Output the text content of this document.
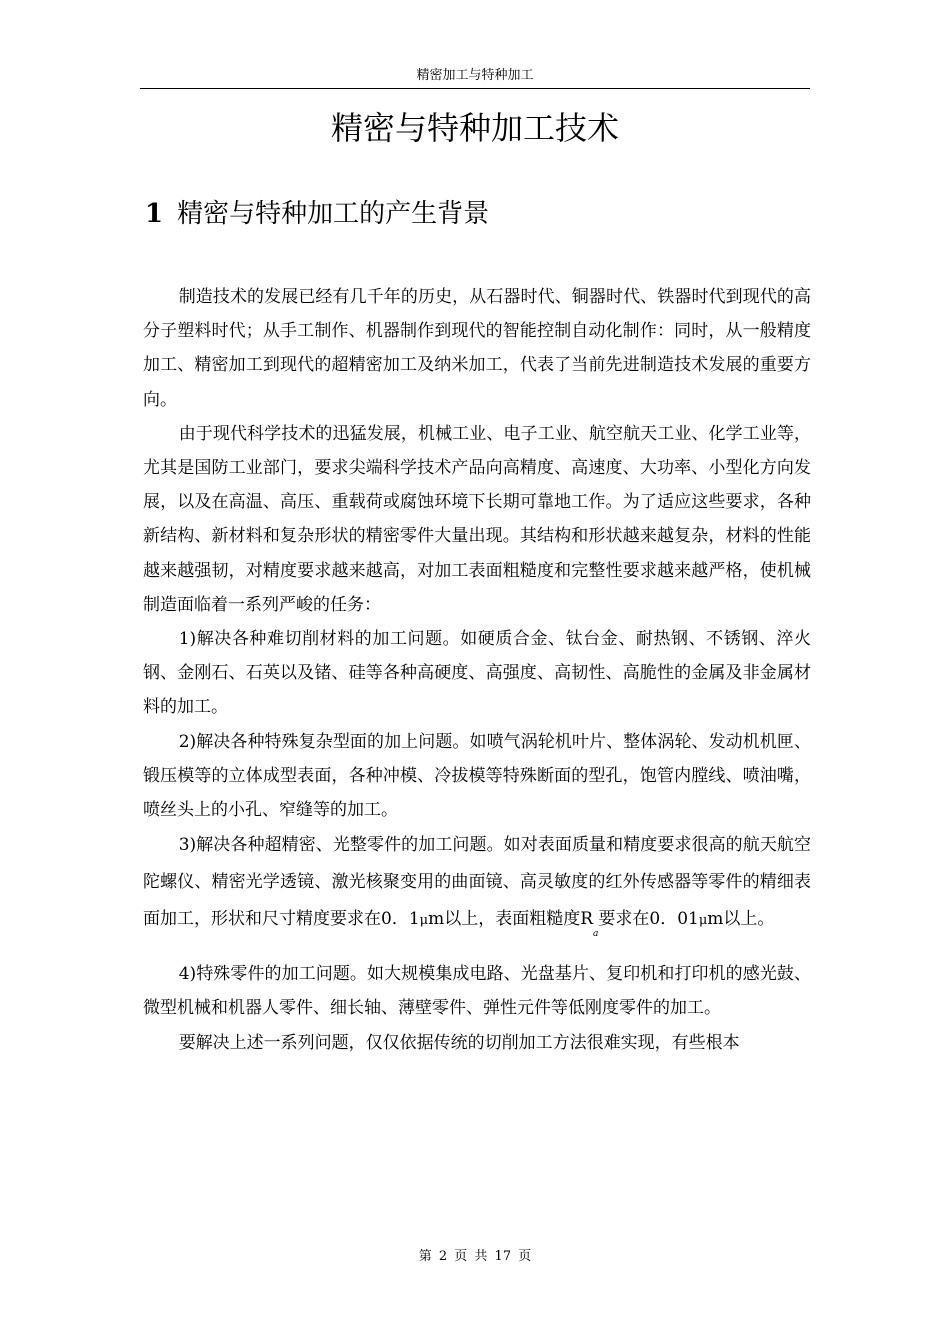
精密加工与特种加工
精密与特种加工技术
1 精密与特种加工的产生背景

制造技术的发展已经有几千年的历史，从石器时代、铜器时代、铁器时代到现代的高分子塑料时代；从手工制作、机器制作到现代的智能控制自动化制作：同时，从一般精度加工、精密加工到现代的超精密加工及纳米加工，代表了当前先进制造技术发展的重要方向。

由于现代科学技术的迅猛发展，机械工业、电子工业、航空航天工业、化学工业等，尤其是国防工业部门，要求尖端科学技术产品向高精度、高速度、大功率、小型化方向发展，以及在高温、高压、重载荷或腐蚀环境下长期可靠地工作。为了适应这些要求，各种新结构、新材料和复杂形状的精密零件大量出现。其结构和形状越来越复杂，材料的性能越来越强韧，对精度要求越来越高，对加工表面粗糙度和完整性要求越来越严格，使机械制造面临着一系列严峻的任务：

1)解决各种难切削材料的加工问题。如硬质合金、钛台金、耐热钢、不锈钢、淬火钢、金刚石、石英以及锗、硅等各种高硬度、高强度、高韧性、高脆性的金属及非金属材料的加工。

2)解决各种特殊复杂型面的加上问题。如喷气涡轮机叶片、整体涡轮、发动机机匣、锻压模等的立体成型表面，各种冲模、冷拔模等特殊断面的型孔，饱管内膛线、喷油嘴，喷丝头上的小孔、窄缝等的加工。

3)解决各种超精密、光整零件的加工问题。如对表面质量和精度要求很高的航天航空陀螺仪、精密光学透镜、激光核聚变用的曲面镜、高灵敏度的红外传感器等零件的精细表面加工，形状和尺寸精度要求在0．1μm以上，表面粗糙度$R_a$要求在0．01μm以上。

4)特殊零件的加工问题。如大规模集成电路、光盘基片、复印机和打印机的感光鼓、微型机械和机器人零件、细长轴、薄壁零件、弹性元件等低刚度零件的加工。

要解决上述一系列问题，仅仅依据传统的切削加工方法很难实现，有些根本

第 2 页 共 17 页
